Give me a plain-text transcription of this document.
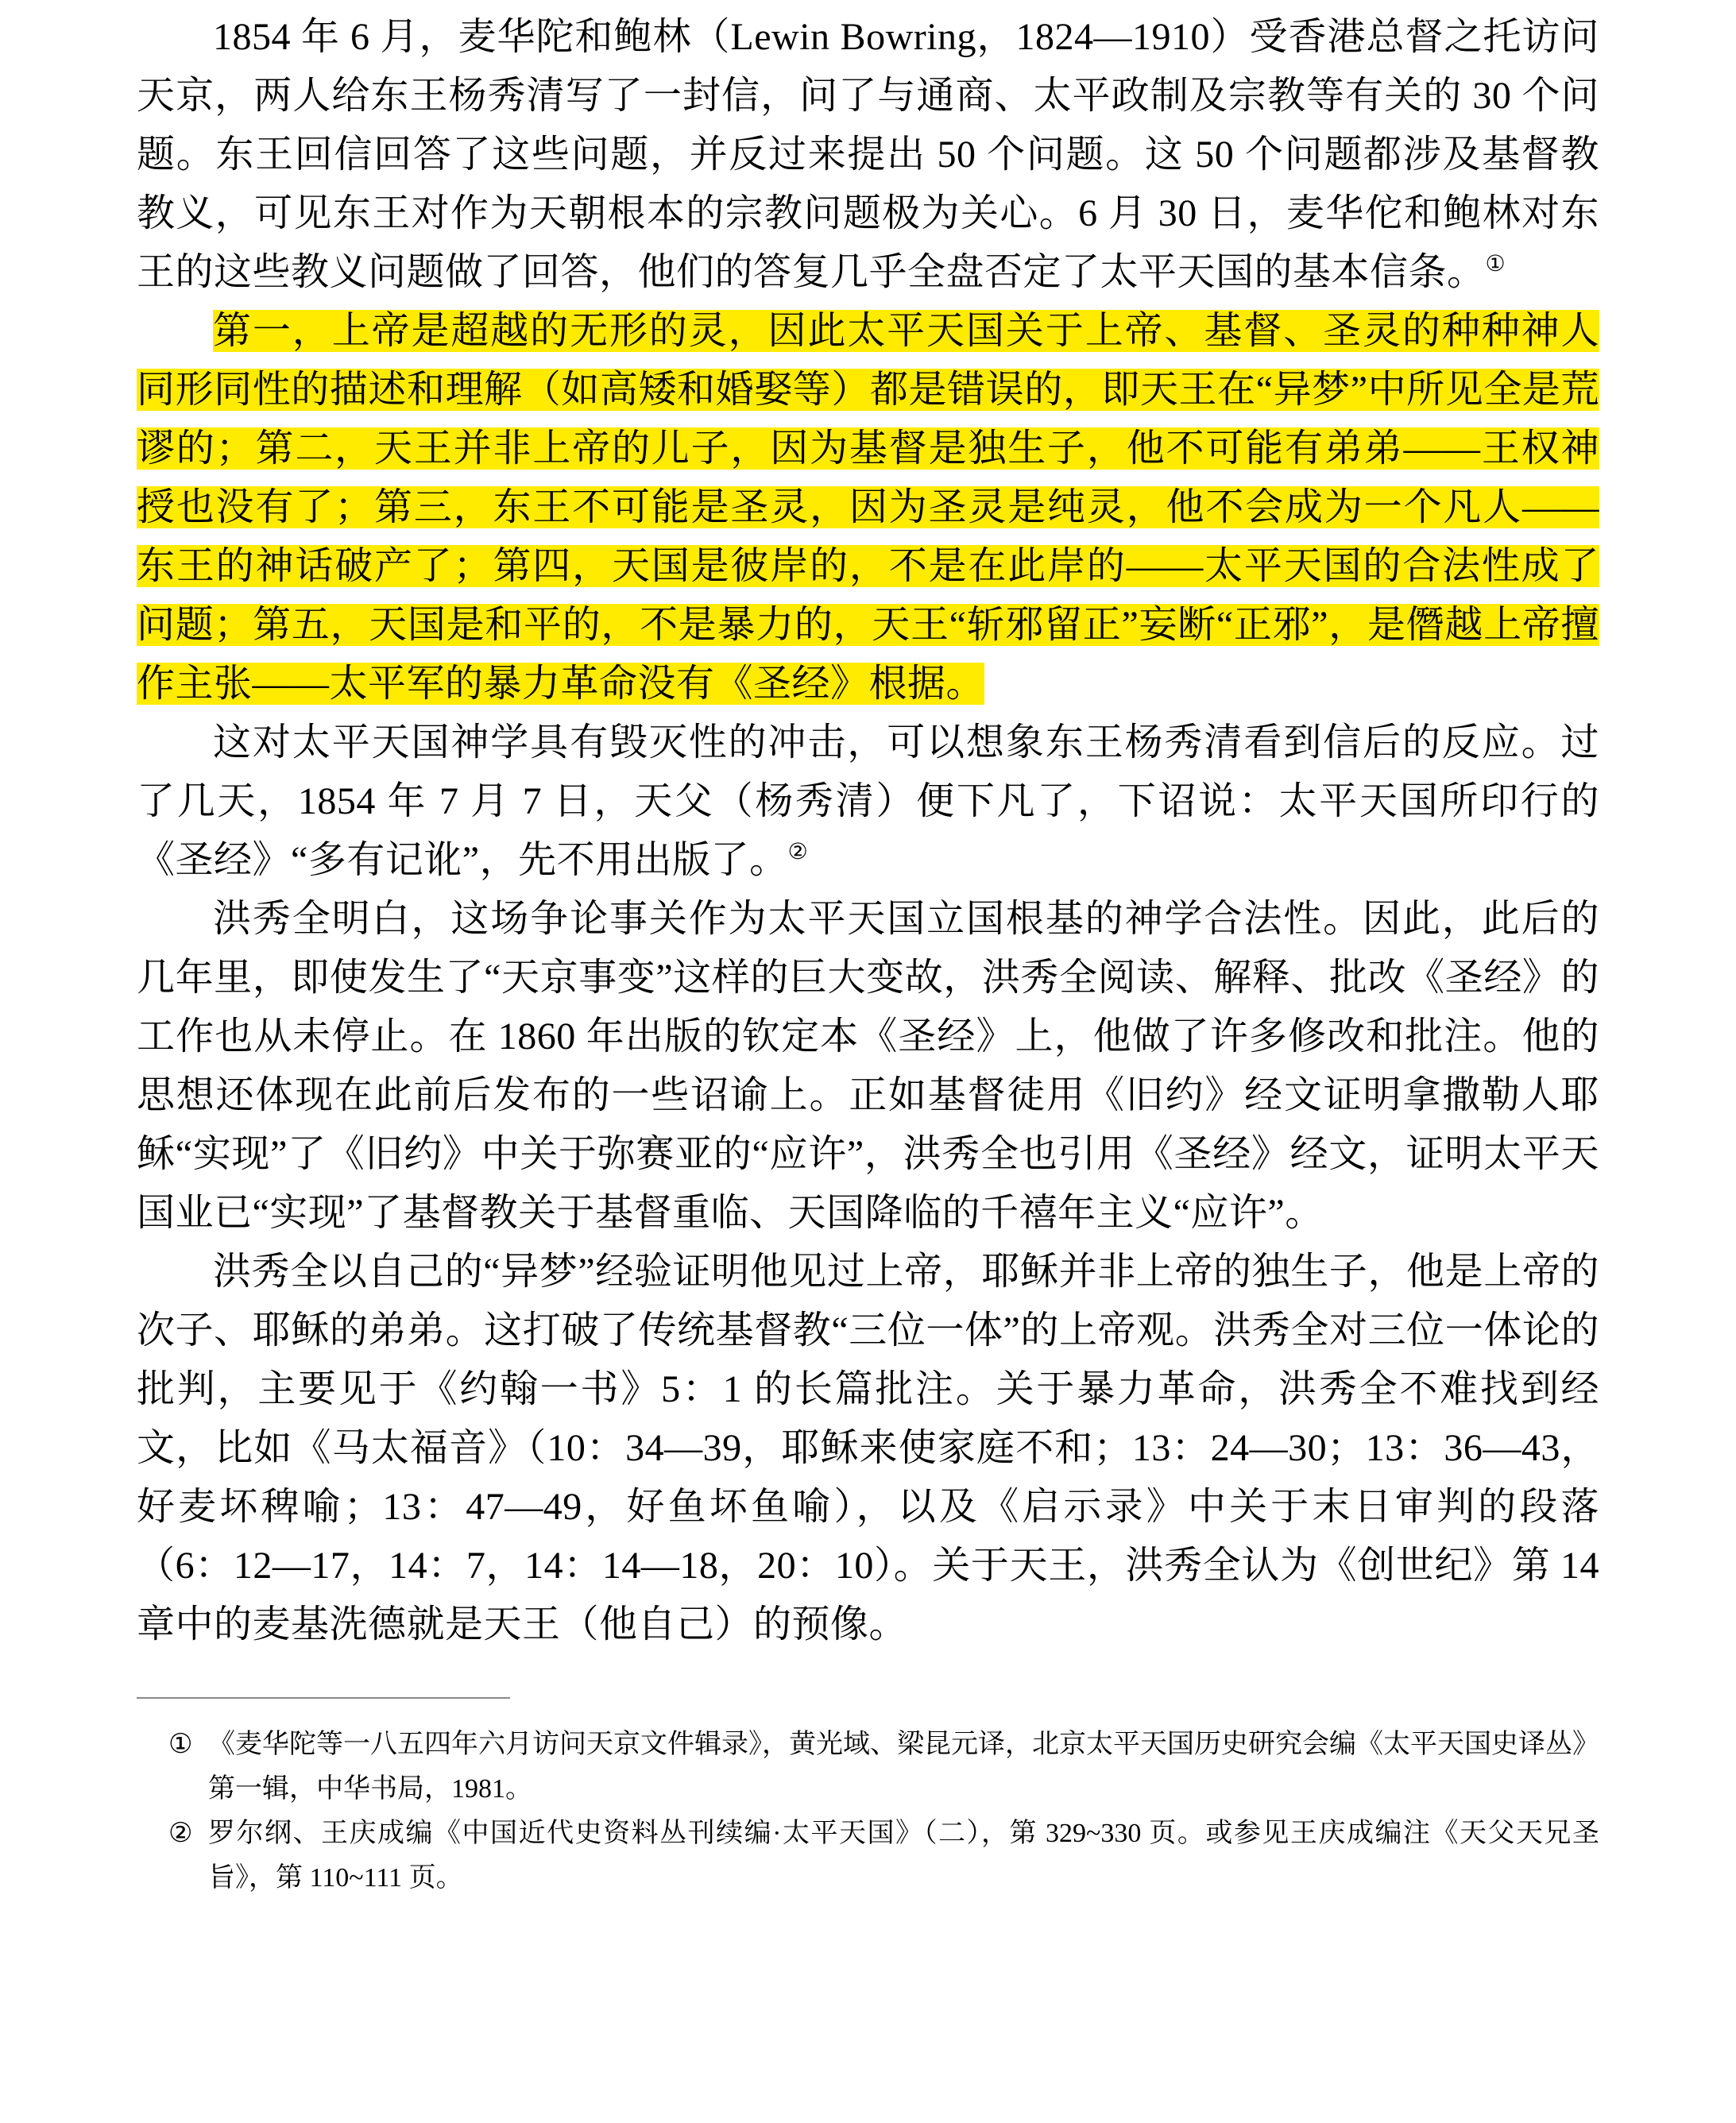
1854 年 6 月，麦华陀和鲍林（Lewin Bowring，1824—1910）受香港总督之托访问天京，两人给东王杨秀清写了一封信，问了与通商、太平政制及宗教等有关的 30 个问题。东王回信回答了这些问题，并反过来提出 50 个问题。这 50 个问题都涉及基督教教义，可见东王对作为天朝根本的宗教问题极为关心。6 月 30 日，麦华佗和鲍林对东王的这些教义问题做了回答，他们的答复几乎全盘否定了太平天国的基本信条。①

第一，上帝是超越的无形的灵，因此太平天国关于上帝、基督、圣灵的种种神人同形同性的描述和理解（如高矮和婚娶等）都是错误的，即天王在“异梦”中所见全是荒谬的；第二，天王并非上帝的儿子，因为基督是独生子，他不可能有弟弟——王权神授也没有了；第三，东王不可能是圣灵，因为圣灵是纯灵，他不会成为一个凡人——东王的神话破产了；第四，天国是彼岸的，不是在此岸的——太平天国的合法性成了问题；第五，天国是和平的，不是暴力的，天王“斩邪留正”妄断“正邪”，是僭越上帝擅作主张——太平军的暴力革命没有《圣经》根据。

这对太平天国神学具有毁灭性的冲击，可以想象东王杨秀清看到信后的反应。过了几天，1854 年 7 月 7 日，天父（杨秀清）便下凡了，下诏说：太平天国所印行的《圣经》“多有记讹”，先不用出版了。②

洪秀全明白，这场争论事关作为太平天国立国根基的神学合法性。因此，此后的几年里，即使发生了“天京事变”这样的巨大变故，洪秀全阅读、解释、批改《圣经》的工作也从未停止。在 1860 年出版的钦定本《圣经》上，他做了许多修改和批注。他的思想还体现在此前后发布的一些诏谕上。正如基督徒用《旧约》经文证明拿撒勒人耶稣“实现”了《旧约》中关于弥赛亚的“应许”，洪秀全也引用《圣经》经文，证明太平天国业已“实现”了基督教关于基督重临、天国降临的千禧年主义“应许”。

洪秀全以自己的“异梦”经验证明他见过上帝，耶稣并非上帝的独生子，他是上帝的次子、耶稣的弟弟。这打破了传统基督教“三位一体”的上帝观。洪秀全对三位一体论的批判，主要见于《约翰一书》5：1 的长篇批注。关于暴力革命，洪秀全不难找到经文，比如《马太福音》（10：34—39，耶稣来使家庭不和；13：24—30；13：36—43，好麦坏稗喻；13：47—49，好鱼坏鱼喻），以及《启示录》中关于末日审判的段落（6：12—17，14：7，14：14—18，20：10）。关于天王，洪秀全认为《创世纪》第 14 章中的麦基洗德就是天王（他自己）的预像。

① 《麦华陀等一八五四年六月访问天京文件辑录》，黄光域、梁昆元译，北京太平天国历史研究会编《太平天国史译丛》第一辑，中华书局，1981。
② 罗尔纲、王庆成编《中国近代史资料丛刊续编·太平天国》（二），第 329~330 页。或参见王庆成编注《天父天兄圣旨》，第 110~111 页。
